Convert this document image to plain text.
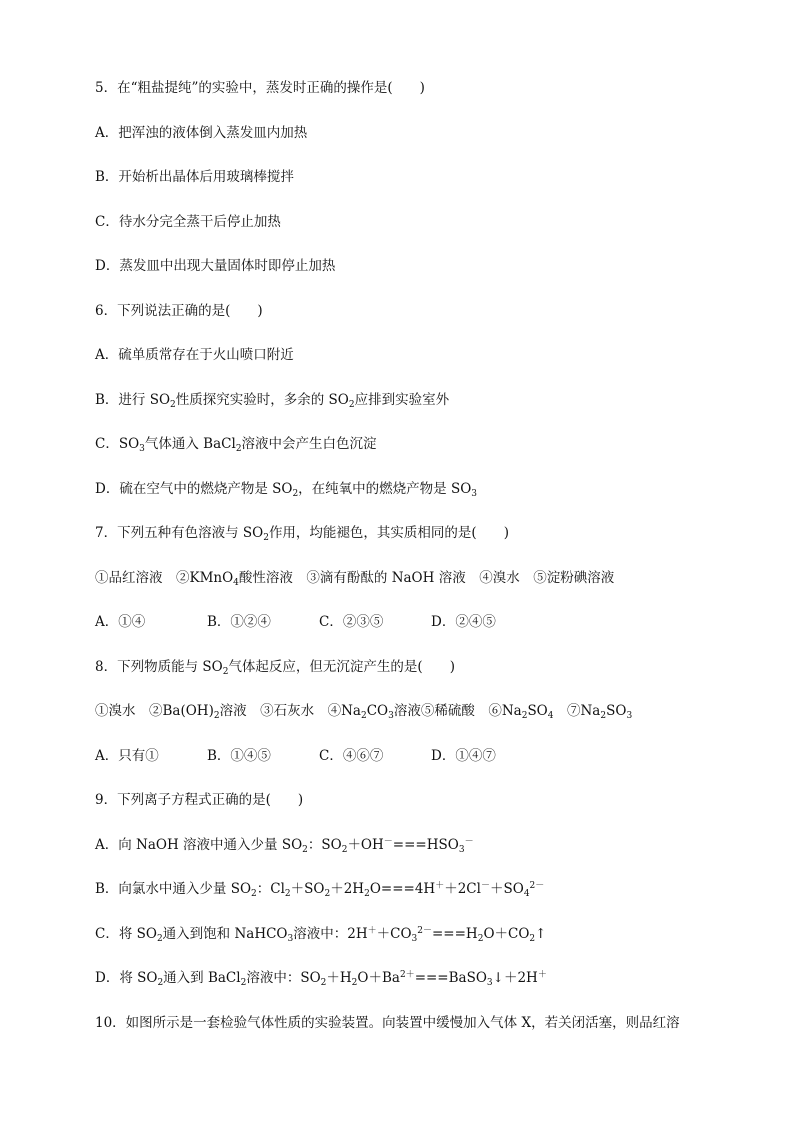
5．在“粗盐提纯”的实验中，蒸发时正确的操作是(　　)
A．把浑浊的液体倒入蒸发皿内加热
B．开始析出晶体后用玻璃棒搅拌
C．待水分完全蒸干后停止加热
D．蒸发皿中出现大量固体时即停止加热
6．下列说法正确的是(　　)
A．硫单质常存在于火山喷口附近
B．进行 $SO_2$性质探究实验时，多余的 $SO_2$应排到实验室外
C．$SO_3$气体通入 BaCl$_2$溶液中会产生白色沉淀
D．硫在空气中的燃烧产物是 $SO_2$，在纯氧中的燃烧产物是 $SO_3$
7．下列五种有色溶液与 $SO_2$作用，均能褪色，其实质相同的是(　　)
①品红溶液　②KMnO$_4$酸性溶液　③滴有酚酞的 NaOH 溶液　④溴水　⑤淀粉碘溶液
A．①④	B．①②④	C．②③⑤	D．②④⑤
8．下列物质能与 $SO_2$气体起反应，但无沉淀产生的是(　　)
①溴水　$②Ba(OH)_2$溶液　③石灰水　$④Na_2CO_3$溶液⑤稀硫酸　$⑥Na_2SO_4$　$⑦Na_2SO_3$
A．只有①	B．①④⑤	C．④⑥⑦	D．①④⑦
9．下列离子方程式正确的是(　　)
A．向 NaOH 溶液中通入少量 $SO_2$：$SO_2+OH^-===HSO_3^-$
B．向氯水中通入少量 $SO_2$：$Cl_2+SO_2+2H_2O===4H^++2Cl^-+SO_4^{2-}$
C．将 $SO_2$通入到饱和 NaHCO$_3$溶液中：$2H^++CO_3^{2-}===H_2O+CO_2↑$
D．将 $SO_2$通入到 BaCl$_2$溶液中：$SO_2+H_2O+Ba^{2+}===BaSO_3↓+2H^+$
10．如图所示是一套检验气体性质的实验装置。向装置中缓慢加入气体 X，若关闭活塞，则品红溶
